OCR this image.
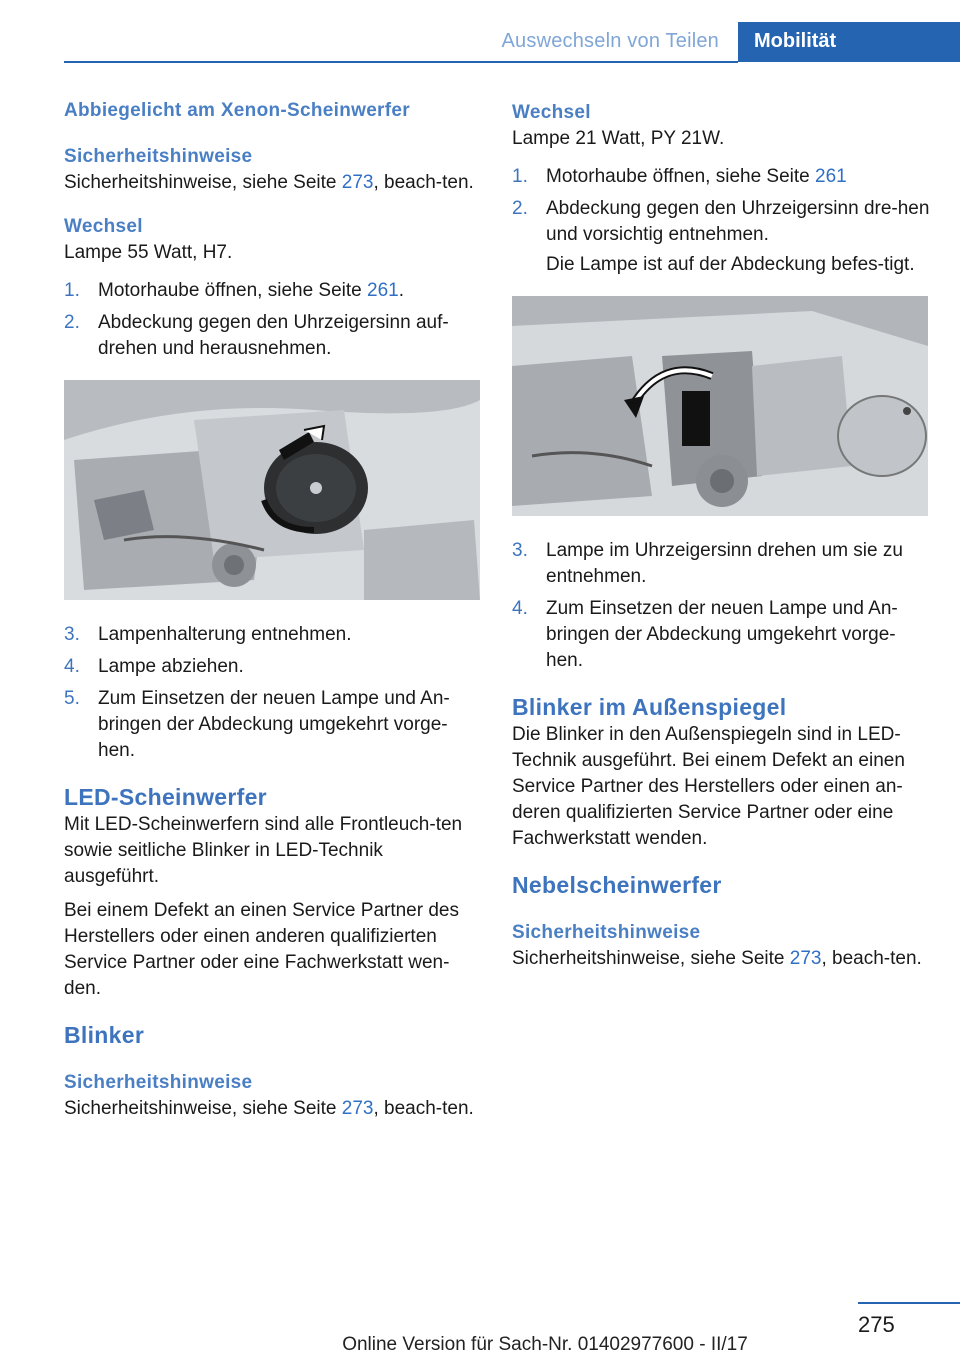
Auswechseln von Teilen	Mobilität
Abbiegelicht am Xenon-Scheinwerfer
Sicherheitshinweise

Sicherheitshinweise, siehe Seite 273, beach‐ten.

Wechsel

Lampe 55 Watt, H7.

1. Motorhaube öffnen, siehe Seite 261.
2. Abdeckung gegen den Uhrzeigersinn auf‐drehen und herausnehmen.
3. Lampenhalterung entnehmen.
4. Lampe abziehen.
5. Zum Einsetzen der neuen Lampe und An‐bringen der Abdeckung umgekehrt vorge‐hen.
LED-Scheinwerfer

Mit LED-Scheinwerfern sind alle Frontleuch‐ten sowie seitliche Blinker in LED-Technik ausgeführt.

Bei einem Defekt an einen Service Partner des Herstellers oder einen anderen qualifizierten Service Partner oder eine Fachwerkstatt wen‐den.

Blinker
Sicherheitshinweise

Sicherheitshinweise, siehe Seite 273, beach‐ten.

Wechsel

Lampe 21 Watt, PY 21W.

1. Motorhaube öffnen, siehe Seite 261
2. Abdeckung gegen den Uhrzeigersinn dre‐hen und vorsichtig entnehmen.
Die Lampe ist auf der Abdeckung befes‐tigt.
3. Lampe im Uhrzeigersinn drehen um sie zu entnehmen.
4. Zum Einsetzen der neuen Lampe und An‐bringen der Abdeckung umgekehrt vorge‐hen.
Blinker im Außenspiegel

Die Blinker in den Außenspiegeln sind in LED-Technik ausgeführt. Bei einem Defekt an einen Service Partner des Herstellers oder einen an‐deren qualifizierten Service Partner oder eine Fachwerkstatt wenden.

Nebelscheinwerfer
Sicherheitshinweise

Sicherheitshinweise, siehe Seite 273, beach‐ten.

275
Online Version für Sach-Nr. 01402977600 - II/17
